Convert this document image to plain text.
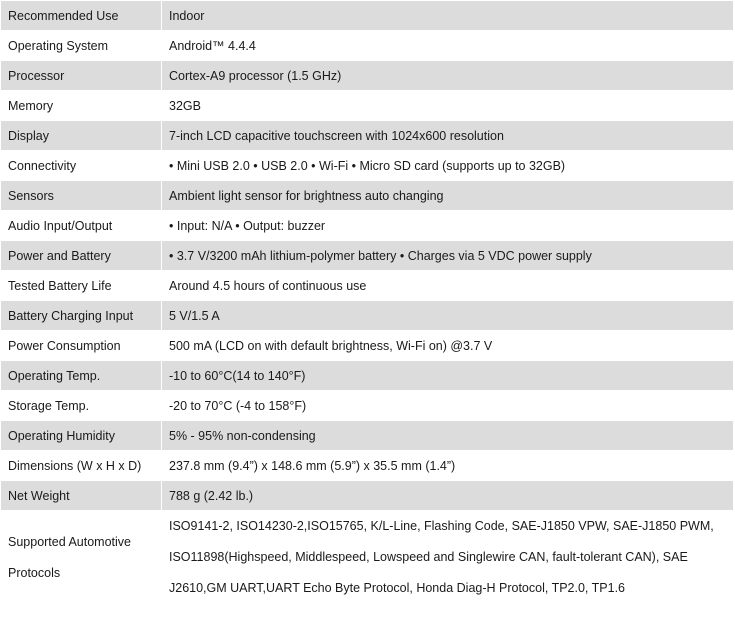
Recommended Use	Indoor
Operating System	Android™ 4.4.4
Processor	Cortex-A9 processor (1.5 GHz)
Memory	32GB
Display	7-inch LCD capacitive touchscreen with 1024x600 resolution
Connectivity	• Mini USB 2.0 • USB 2.0 • Wi-Fi • Micro SD card (supports up to 32GB)
Sensors	Ambient light sensor for brightness auto changing
Audio Input/Output	• Input: N/A • Output: buzzer
Power and Battery	• 3.7 V/3200 mAh lithium-polymer battery • Charges via 5 VDC power supply
Tested Battery Life	Around 4.5 hours of continuous use
Battery Charging Input	5 V/1.5 A
Power Consumption	500 mA (LCD on with default brightness, Wi-Fi on) @3.7 V
Operating Temp.	-10 to 60°C(14 to 140°F)
Storage Temp.	-20 to 70°C (-4 to 158°F)
Operating Humidity	5% - 95% non-condensing
Dimensions (W x H x D)	237.8 mm (9.4”) x 148.6 mm (5.9”) x 35.5 mm (1.4”)
Net Weight	788 g (2.42 lb.)

Supported Automotive
Protocols	ISO9141-2, ISO14230-2,ISO15765, K/L-Line, Flashing Code, SAE-J1850 VPW, SAE-J1850 PWM,
ISO11898(Highspeed, Middlespeed, Lowspeed and Singlewire CAN, fault-tolerant CAN), SAE
J2610,GM UART,UART Echo Byte Protocol, Honda Diag-H Protocol, TP2.0, TP1.6
